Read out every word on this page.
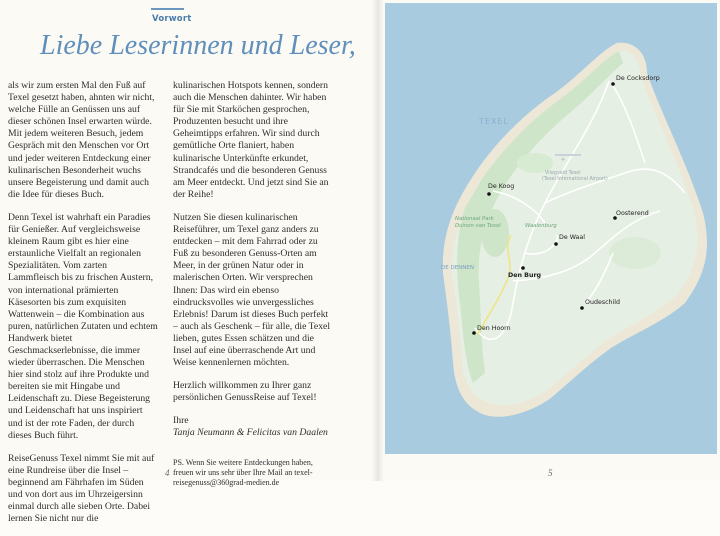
Vorwort
Liebe Leserinnen und Leser,

als wir zum ersten Mal den Fuß auf Texel gesetzt haben, ahnten wir nicht, welche Fülle an Genüssen uns auf dieser schönen Insel erwarten würde. Mit jedem weiteren Besuch, jedem Gespräch mit den Menschen vor Ort und jeder weiteren Entdeckung einer kulinarischen Besonderheit wuchs unsere Begeisterung und damit auch die Idee für dieses Buch.

Denn Texel ist wahrhaft ein Paradies für Genießer. Auf vergleichsweise kleinem Raum gibt es hier eine erstaunliche Vielfalt an regionalen Spezialitäten. Vom zarten Lammfleisch bis zu frischen Austern, von international prämierten Käsesorten bis zum exquisiten Wattenwein – die Kombination aus puren, natürlichen Zutaten und echtem Handwerk bietet Geschmackserlebnisse, die immer wieder überraschen. Die Menschen hier sind stolz auf ihre Produkte und bereiten sie mit Hingabe und Leidenschaft zu. Diese Begeisterung und Leidenschaft hat uns inspiriert und ist der rote Faden, der durch dieses Buch führt.

ReiseGenuss Texel nimmt Sie mit auf eine Rundreise über die Insel – beginnend am Fährhafen im Süden und von dort aus im Uhrzeigersinn einmal durch alle sieben Orte. Dabei lernen Sie nicht nur die

kulinarischen Hotspots kennen, sondern auch die Menschen dahinter. Wir haben für Sie mit Starköchen gesprochen, Produzenten besucht und ihre Geheimtipps erfahren. Wir sind durch gemütliche Orte flaniert, haben kulinarische Unterkünfte erkundet, Strandcafés und die besonderen Genuss am Meer entdeckt. Und jetzt sind Sie an der Reihe!

Nutzen Sie diesen kulinarischen Reiseführer, um Texel ganz anders zu entdecken – mit dem Fahrrad oder zu Fuß zu besonderen Genuss-Orten am Meer, in der grünen Natur oder in malerischen Orten. Wir versprechen Ihnen: Das wird ein ebenso eindrucksvolles wie unvergessliches Erlebnis! Darum ist dieses Buch perfekt – auch als Geschenk – für alle, die Texel lieben, gutes Essen schätzen und die Insel auf eine überraschende Art und Weise kennenlernen möchten.

Herzlich willkommen zu Ihrer ganz persönlichen GenussReise auf Texel!

Ihre
Tanja Neumann & Felicitas van Daalen
PS. Wenn Sie weitere Entdeckungen haben, freuen wir uns sehr über Ihre Mail an texel-reisegenuss@360grad-medien.de
4	5
✈
TEXEL
Vliegveld Texel
(Texel International Airport)
Nationaal Park
Duinen van Texel	Waalenburg
DE DENNEN
De Cocksdorp
De Koog
Oosterend
De Waal
Den Burg
Oudeschild
Den Hoorn
